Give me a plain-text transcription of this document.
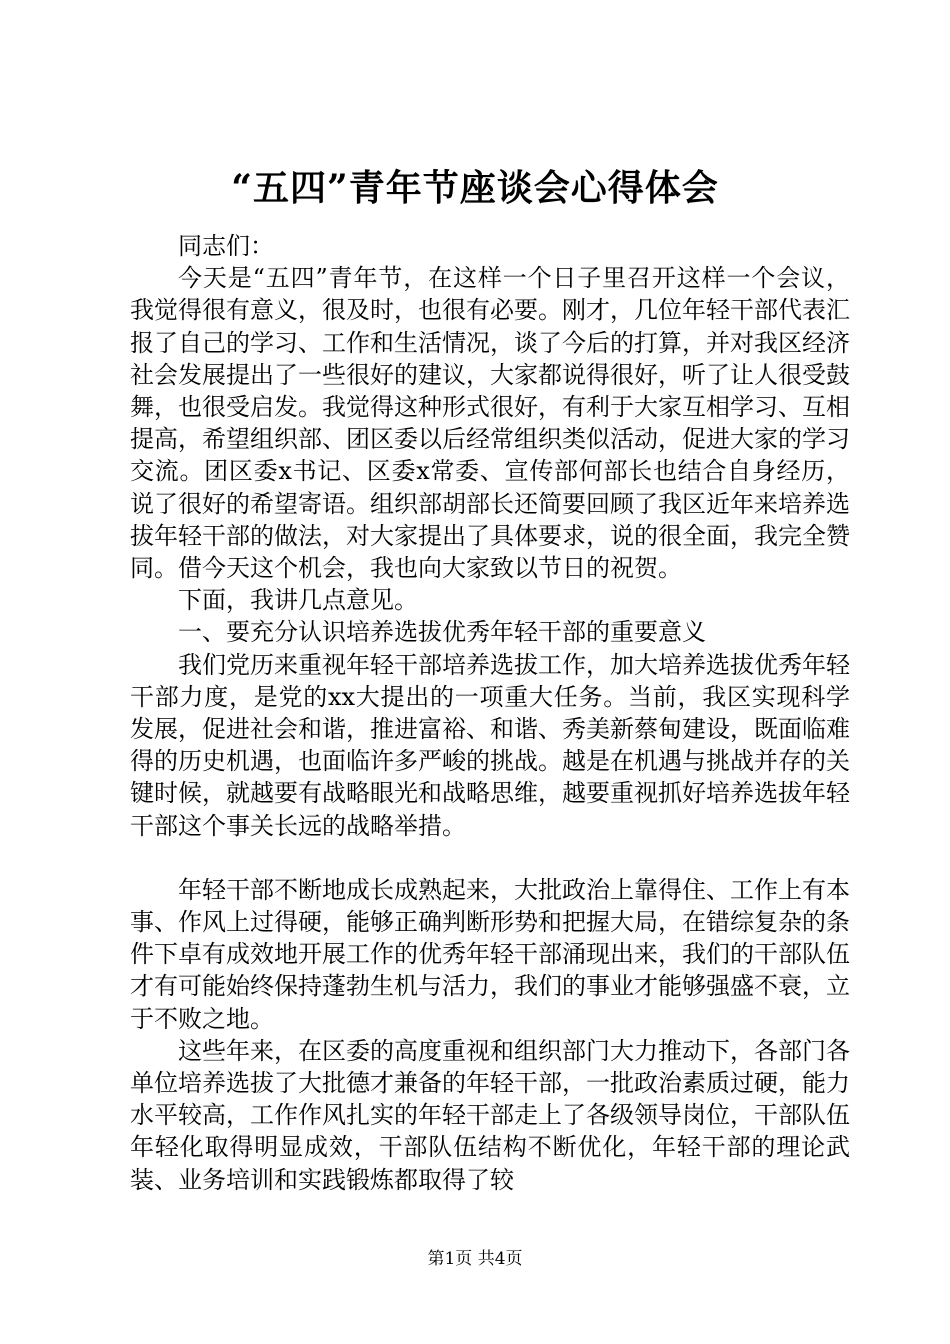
“五四”青年节座谈会心得体会

同志们：

今天是“五四”青年节，在这样一个日子里召开这样一个会议，我觉得很有意义，很及时，也很有必要。刚才，几位年轻干部代表汇报了自己的学习、工作和生活情况，谈了今后的打算，并对我区经济社会发展提出了一些很好的建议，大家都说得很好，听了让人很受鼓舞，也很受启发。我觉得这种形式很好，有利于大家互相学习、互相提高，希望组织部、团区委以后经常组织类似活动，促进大家的学习交流。团区委x书记、区委x常委、宣传部何部长也结合自身经历，说了很好的希望寄语。组织部胡部长还简要回顾了我区近年来培养选拔年轻干部的做法，对大家提出了具体要求，说的很全面，我完全赞同。借今天这个机会，我也向大家致以节日的祝贺。

下面，我讲几点意见。

一、要充分认识培养选拔优秀年轻干部的重要意义

我们党历来重视年轻干部培养选拔工作，加大培养选拔优秀年轻干部力度，是党的xx大提出的一项重大任务。当前，我区实现科学发展，促进社会和谐，推进富裕、和谐、秀美新蔡甸建设，既面临难得的历史机遇，也面临许多严峻的挑战。越是在机遇与挑战并存的关键时候，就越要有战略眼光和战略思维，越要重视抓好培养选拔年轻干部这个事关长远的战略举措。

年轻干部不断地成长成熟起来，大批政治上靠得住、工作上有本事、作风上过得硬，能够正确判断形势和把握大局，在错综复杂的条件下卓有成效地开展工作的优秀年轻干部涌现出来，我们的干部队伍才有可能始终保持蓬勃生机与活力，我们的事业才能够强盛不衰，立于不败之地。

这些年来，在区委的高度重视和组织部门大力推动下，各部门各单位培养选拔了大批德才兼备的年轻干部，一批政治素质过硬，能力水平较高，工作作风扎实的年轻干部走上了各级领导岗位，干部队伍年轻化取得明显成效，干部队伍结构不断优化，年轻干部的理论武装、业务培训和实践锻炼都取得了较

第1页 共4页
